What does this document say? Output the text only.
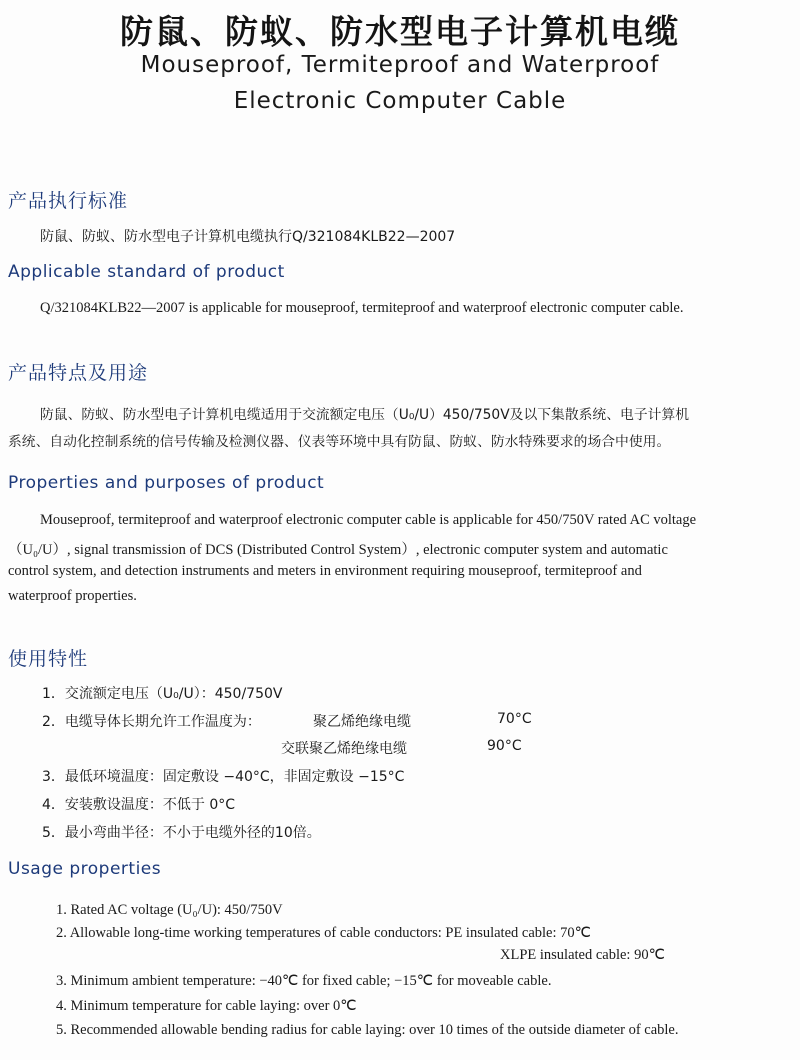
防鼠、防蚁、防水型电子计算机电缆
Mouseproof, Termiteproof and Waterproof
Electronic Computer Cable
产品执行标准
防鼠、防蚁、防水型电子计算机电缆执行Q/321084KLB22—2007
Applicable standard of product
Q/321084KLB22—2007 is applicable for mouseproof, termiteproof and waterproof electronic computer cable.
产品特点及用途
防鼠、防蚁、防水型电子计算机电缆适用于交流额定电压（U₀/U）450/750V及以下集散系统、电子计算机
系统、自动化控制系统的信号传输及检测仪器、仪表等环境中具有防鼠、防蚁、防水特殊要求的场合中使用。
Properties and purposes of product
Mouseproof, termiteproof and waterproof electronic computer cable is applicable for 450/750V rated AC voltage
（U₀/U）, signal transmission of DCS (Distributed Control System）, electronic computer system and automatic
control system, and detection instruments and meters in environment requiring mouseproof, termiteproof and
waterproof properties.
使用特性
1．交流额定电压（U₀/U）：450/750V
2．电缆导体长期允许工作温度为：	聚乙烯绝缘电缆	70°C
交联聚乙烯绝缘电缆	90°C
3．最低环境温度：固定敷设 −40°C，非固定敷设 −15°C
4．安装敷设温度：不低于 0°C
5．最小弯曲半径：不小于电缆外径的10倍。
Usage properties
1. Rated AC voltage (U₀/U): 450/750V
2. Allowable long-time working temperatures of cable conductors: PE insulated cable: 70℃
XLPE insulated cable: 90℃
3. Minimum ambient temperature: −40℃ for fixed cable; −15℃ for moveable cable.
4. Minimum temperature for cable laying: over 0℃
5. Recommended allowable bending radius for cable laying: over 10 times of the outside diameter of cable.
